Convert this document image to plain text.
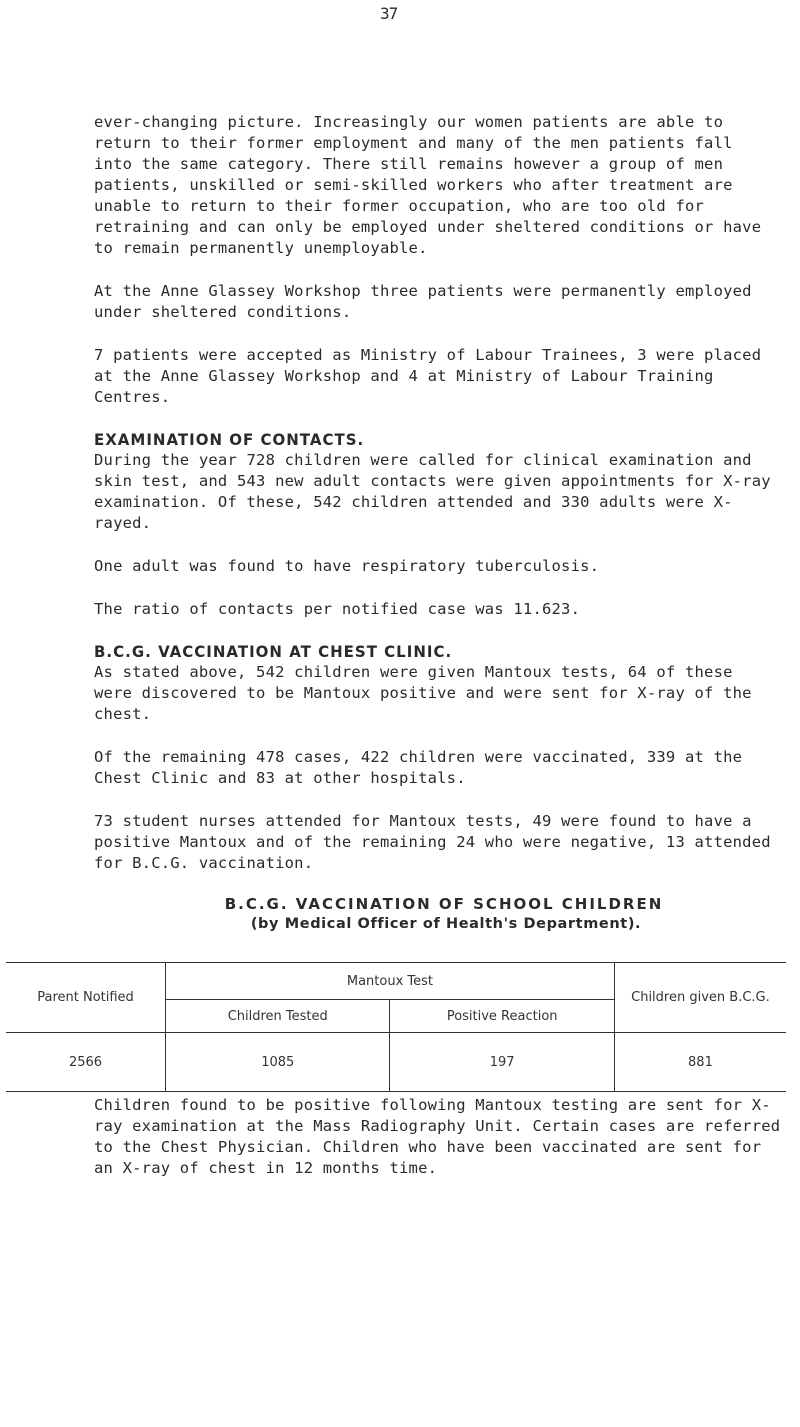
37

ever-changing picture. Increasingly our women patients are able to return to their former employment and many of the men patients fall into the same category. There still remains however a group of men patients, unskilled or semi-skilled workers who after treatment are unable to return to their former occupation, who are too old for retraining and can only be employed under sheltered conditions or have to remain permanently unemployable.

At the Anne Glassey Workshop three patients were permanently employed under sheltered conditions.

7 patients were accepted as Ministry of Labour Trainees, 3 were placed at the Anne Glassey Workshop and 4 at Ministry of Labour Training Centres.

EXAMINATION OF CONTACTS.

During the year 728 children were called for clinical examination and skin test, and 543 new adult contacts were given appointments for X-ray examination. Of these, 542 children attended and 330 adults were X-rayed.

One adult was found to have respiratory tuberculosis.

The ratio of contacts per notified case was 11.623.

B.C.G. VACCINATION AT CHEST CLINIC.

As stated above, 542 children were given Mantoux tests, 64 of these were discovered to be Mantoux positive and were sent for X-ray of the chest.

Of the remaining 478 cases, 422 children were vaccinated, 339 at the Chest Clinic and 83 at other hospitals.

73 student nurses attended for Mantoux tests, 49 were found to have a positive Mantoux and of the remaining 24 who were negative, 13 attended for B.C.G. vaccination.

B.C.G. VACCINATION OF SCHOOL CHILDREN
(by Medical Officer of Health's Department).
Parent Notified	Mantoux Test		Children given B.C.G.
	Children Tested	Positive Reaction	
2566	1085	197	881

Children found to be positive following Mantoux testing are sent for X-ray examination at the Mass Radiography Unit. Certain cases are referred to the Chest Physician. Children who have been vaccinated are sent for an X-ray of chest in 12 months time.
